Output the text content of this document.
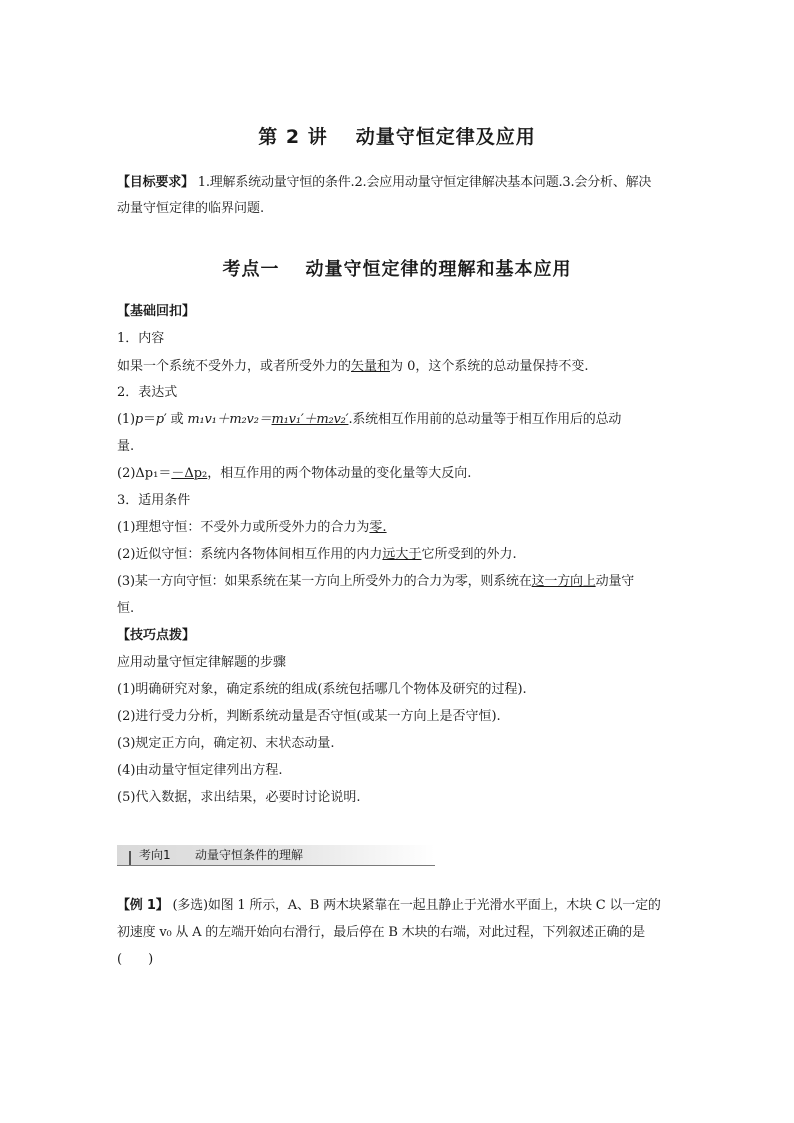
第 2 讲 动量守恒定律及应用
【目标要求】 1.理解系统动量守恒的条件.2.会应用动量守恒定律解决基本问题.3.会分析、解决
动量守恒定律的临界问题.
考点一 动量守恒定律的理解和基本应用
【基础回扣】
1．内容
如果一个系统不受外力，或者所受外力的矢量和为 0，这个系统的总动量保持不变.
2．表达式
(1)p＝p′ 或 m₁v₁＋m₂v₂＝m₁v₁′＋m₂v₂′.系统相互作用前的总动量等于相互作用后的总动
量.
(2)Δp₁＝－Δp₂，相互作用的两个物体动量的变化量等大反向.
3．适用条件
(1)理想守恒：不受外力或所受外力的合力为零.
(2)近似守恒：系统内各物体间相互作用的内力远大于它所受到的外力.
(3)某一方向守恒：如果系统在某一方向上所受外力的合力为零，则系统在这一方向上动量守
恒.
【技巧点拨】
应用动量守恒定律解题的步骤
(1)明确研究对象，确定系统的组成(系统包括哪几个物体及研究的过程).
(2)进行受力分析，判断系统动量是否守恒(或某一方向上是否守恒).
(3)规定正方向，确定初、末状态动量.
(4)由动量守恒定律列出方程.
(5)代入数据，求出结果，必要时讨论说明.
考向1 动量守恒条件的理解
【例 1】 (多选)如图 1 所示，A、B 两木块紧靠在一起且静止于光滑水平面上，木块 C 以一定的
初速度 v₀ 从 A 的左端开始向右滑行，最后停在 B 木块的右端，对此过程，下列叙述正确的是
(　　)
